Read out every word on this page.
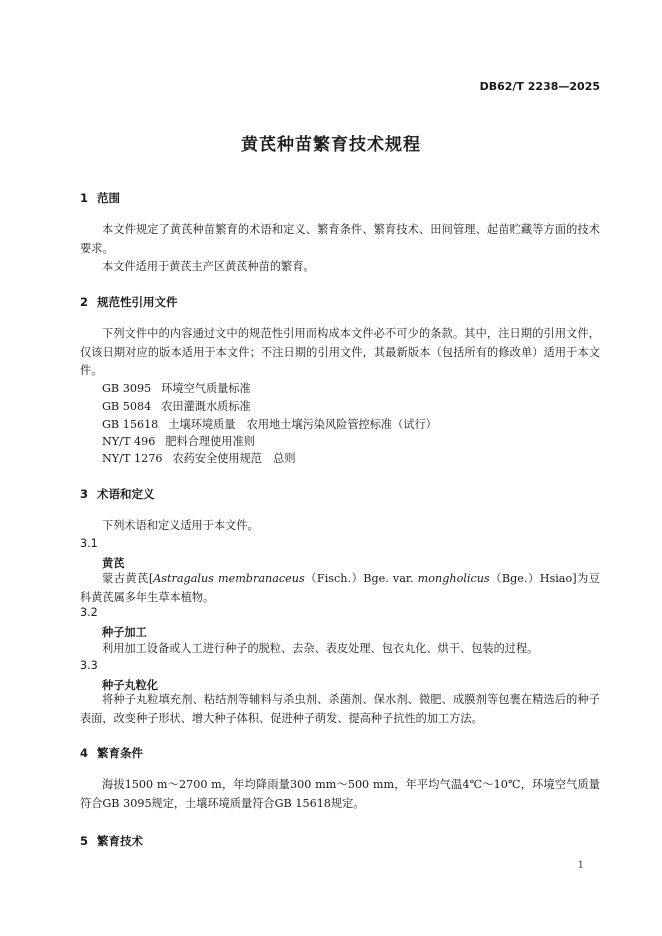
DB62/T 2238—2025
黄芪种苗繁育技术规程
1 范围
本文件规定了黄芪种苗繁育的术语和定义、繁育条件、繁育技术、田间管理、起苗贮藏等方面的技术要求。
本文件适用于黄芪主产区黄芪种苗的繁育。
2 规范性引用文件
下列文件中的内容通过文中的规范性引用而构成本文件必不可少的条款。其中，注日期的引用文件，仅该日期对应的版本适用于本文件；不注日期的引用文件，其最新版本（包括所有的修改单）适用于本文件。
GB 3095 环境空气质量标准
GB 5084 农田灌溉水质标准
GB 15618 土壤环境质量　农用地土壤污染风险管控标准（试行）
NY/T 496 肥料合理使用准则
NY/T 1276 农药安全使用规范　总则
3 术语和定义
下列术语和定义适用于本文件。
3.1
黄芪
蒙古黄芪[Astragalus membranaceus（Fisch.）Bge. var. mongholicus（Bge.）Hsiao]为豆科黄芪属多年生草本植物。
3.2
种子加工
利用加工设备或人工进行种子的脱粒、去杂、表皮处理、包衣丸化、烘干、包装的过程。
3.3
种子丸粒化
将种子丸粒填充剂、粘结剂等辅料与杀虫剂、杀菌剂、保水剂、微肥、成膜剂等包裹在精选后的种子表面，改变种子形状、增大种子体积、促进种子萌发、提高种子抗性的加工方法。
4 繁育条件
海拔1500 m～2700 m，年均降雨量300 mm～500 mm，年平均气温4℃～10℃，环境空气质量符合GB 3095规定，土壤环境质量符合GB 15618规定。
5 繁育技术
1
